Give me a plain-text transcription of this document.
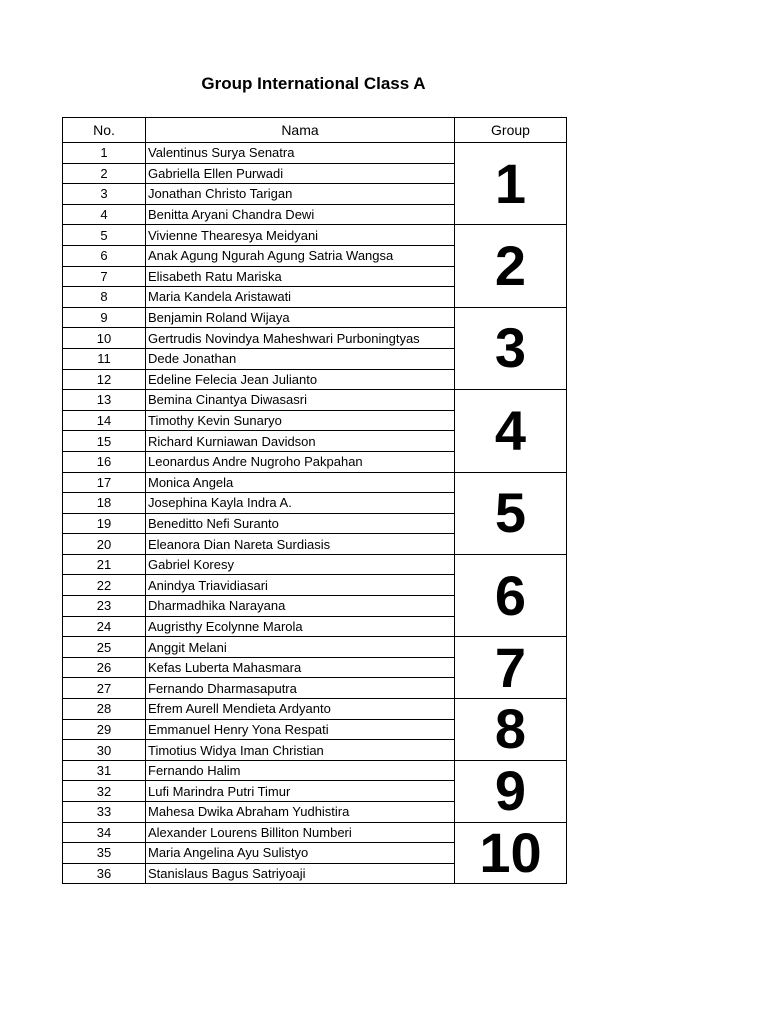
Group International Class A
No.	Nama	Group
1	Valentinus Surya Senatra	1
2	Gabriella Ellen Purwadi	
3	Jonathan Christo Tarigan	
4	Benitta Aryani Chandra Dewi	
5	Vivienne Thearesya Meidyani	2
6	Anak Agung Ngurah Agung Satria Wangsa	
7	Elisabeth Ratu Mariska	
8	Maria Kandela Aristawati	
9	Benjamin Roland Wijaya	3
10	Gertrudis Novindya Maheshwari Purboningtyas	
11	Dede Jonathan	
12	Edeline Felecia Jean Julianto	
13	Bemina Cinantya Diwasasri	4
14	Timothy Kevin Sunaryo	
15	Richard Kurniawan Davidson	
16	Leonardus Andre Nugroho Pakpahan	
17	Monica Angela	5
18	Josephina Kayla Indra A.	
19	Beneditto Nefi Suranto	
20	Eleanora Dian Nareta Surdiasis	
21	Gabriel Koresy	6
22	Anindya Triavidiasari	
23	Dharmadhika Narayana	
24	Augristhy Ecolynne Marola	
25	Anggit Melani	7
26	Kefas Luberta Mahasmara	
27	Fernando Dharmasaputra	
28	Efrem Aurell Mendieta Ardyanto	8
29	Emmanuel Henry Yona Respati	
30	Timotius Widya Iman Christian	
31	Fernando Halim	9
32	Lufi Marindra Putri Timur	
33	Mahesa Dwika Abraham Yudhistira	
34	Alexander Lourens Billiton Numberi	10
35	Maria Angelina Ayu Sulistyo	
36	Stanislaus Bagus Satriyoaji	
